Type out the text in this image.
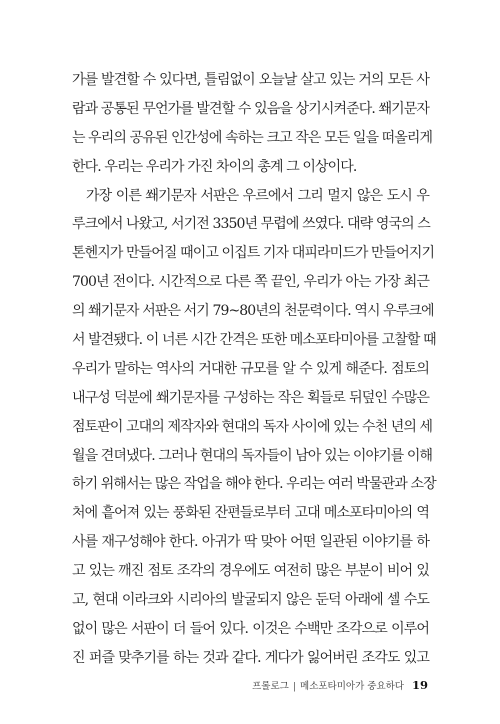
가를 발견할 수 있다면, 틀림없이 오늘날 살고 있는 거의 모든 사
람과 공통된 무언가를 발견할 수 있음을 상기시켜준다. 쐐기문자
는 우리의 공유된 인간성에 속하는 크고 작은 모든 일을 떠올리게
한다. 우리는 우리가 가진 차이의 총계 그 이상이다.
가장 이른 쐐기문자 서판은 우르에서 그리 멀지 않은 도시 우
루크에서 나왔고, 서기전 3350년 무렵에 쓰였다. 대략 영국의 스
톤헨지가 만들어질 때이고 이집트 기자 대피라미드가 만들어지기
700년 전이다. 시간적으로 다른 쪽 끝인, 우리가 아는 가장 최근
의 쐐기문자 서판은 서기 79~80년의 천문력이다. 역시 우루크에
서 발견됐다. 이 너른 시간 간격은 또한 메소포타미아를 고찰할 때
우리가 말하는 역사의 거대한 규모를 알 수 있게 해준다. 점토의
내구성 덕분에 쐐기문자를 구성하는 작은 획들로 뒤덮인 수많은
점토판이 고대의 제작자와 현대의 독자 사이에 있는 수천 년의 세
월을 견뎌냈다. 그러나 현대의 독자들이 남아 있는 이야기를 이해
하기 위해서는 많은 작업을 해야 한다. 우리는 여러 박물관과 소장
처에 흩어져 있는 풍화된 잔편들로부터 고대 메소포타미아의 역
사를 재구성해야 한다. 아귀가 딱 맞아 어떤 일관된 이야기를 하
고 있는 깨진 점토 조각의 경우에도 여전히 많은 부분이 비어 있
고, 현대 이라크와 시리아의 발굴되지 않은 둔덕 아래에 셀 수도
없이 많은 서판이 더 들어 있다. 이것은 수백만 조각으로 이루어
진 퍼즐 맞추기를 하는 것과 같다. 게다가 잃어버린 조각도 있고
프롤로그 | 메소포타미아가 중요하다 19
